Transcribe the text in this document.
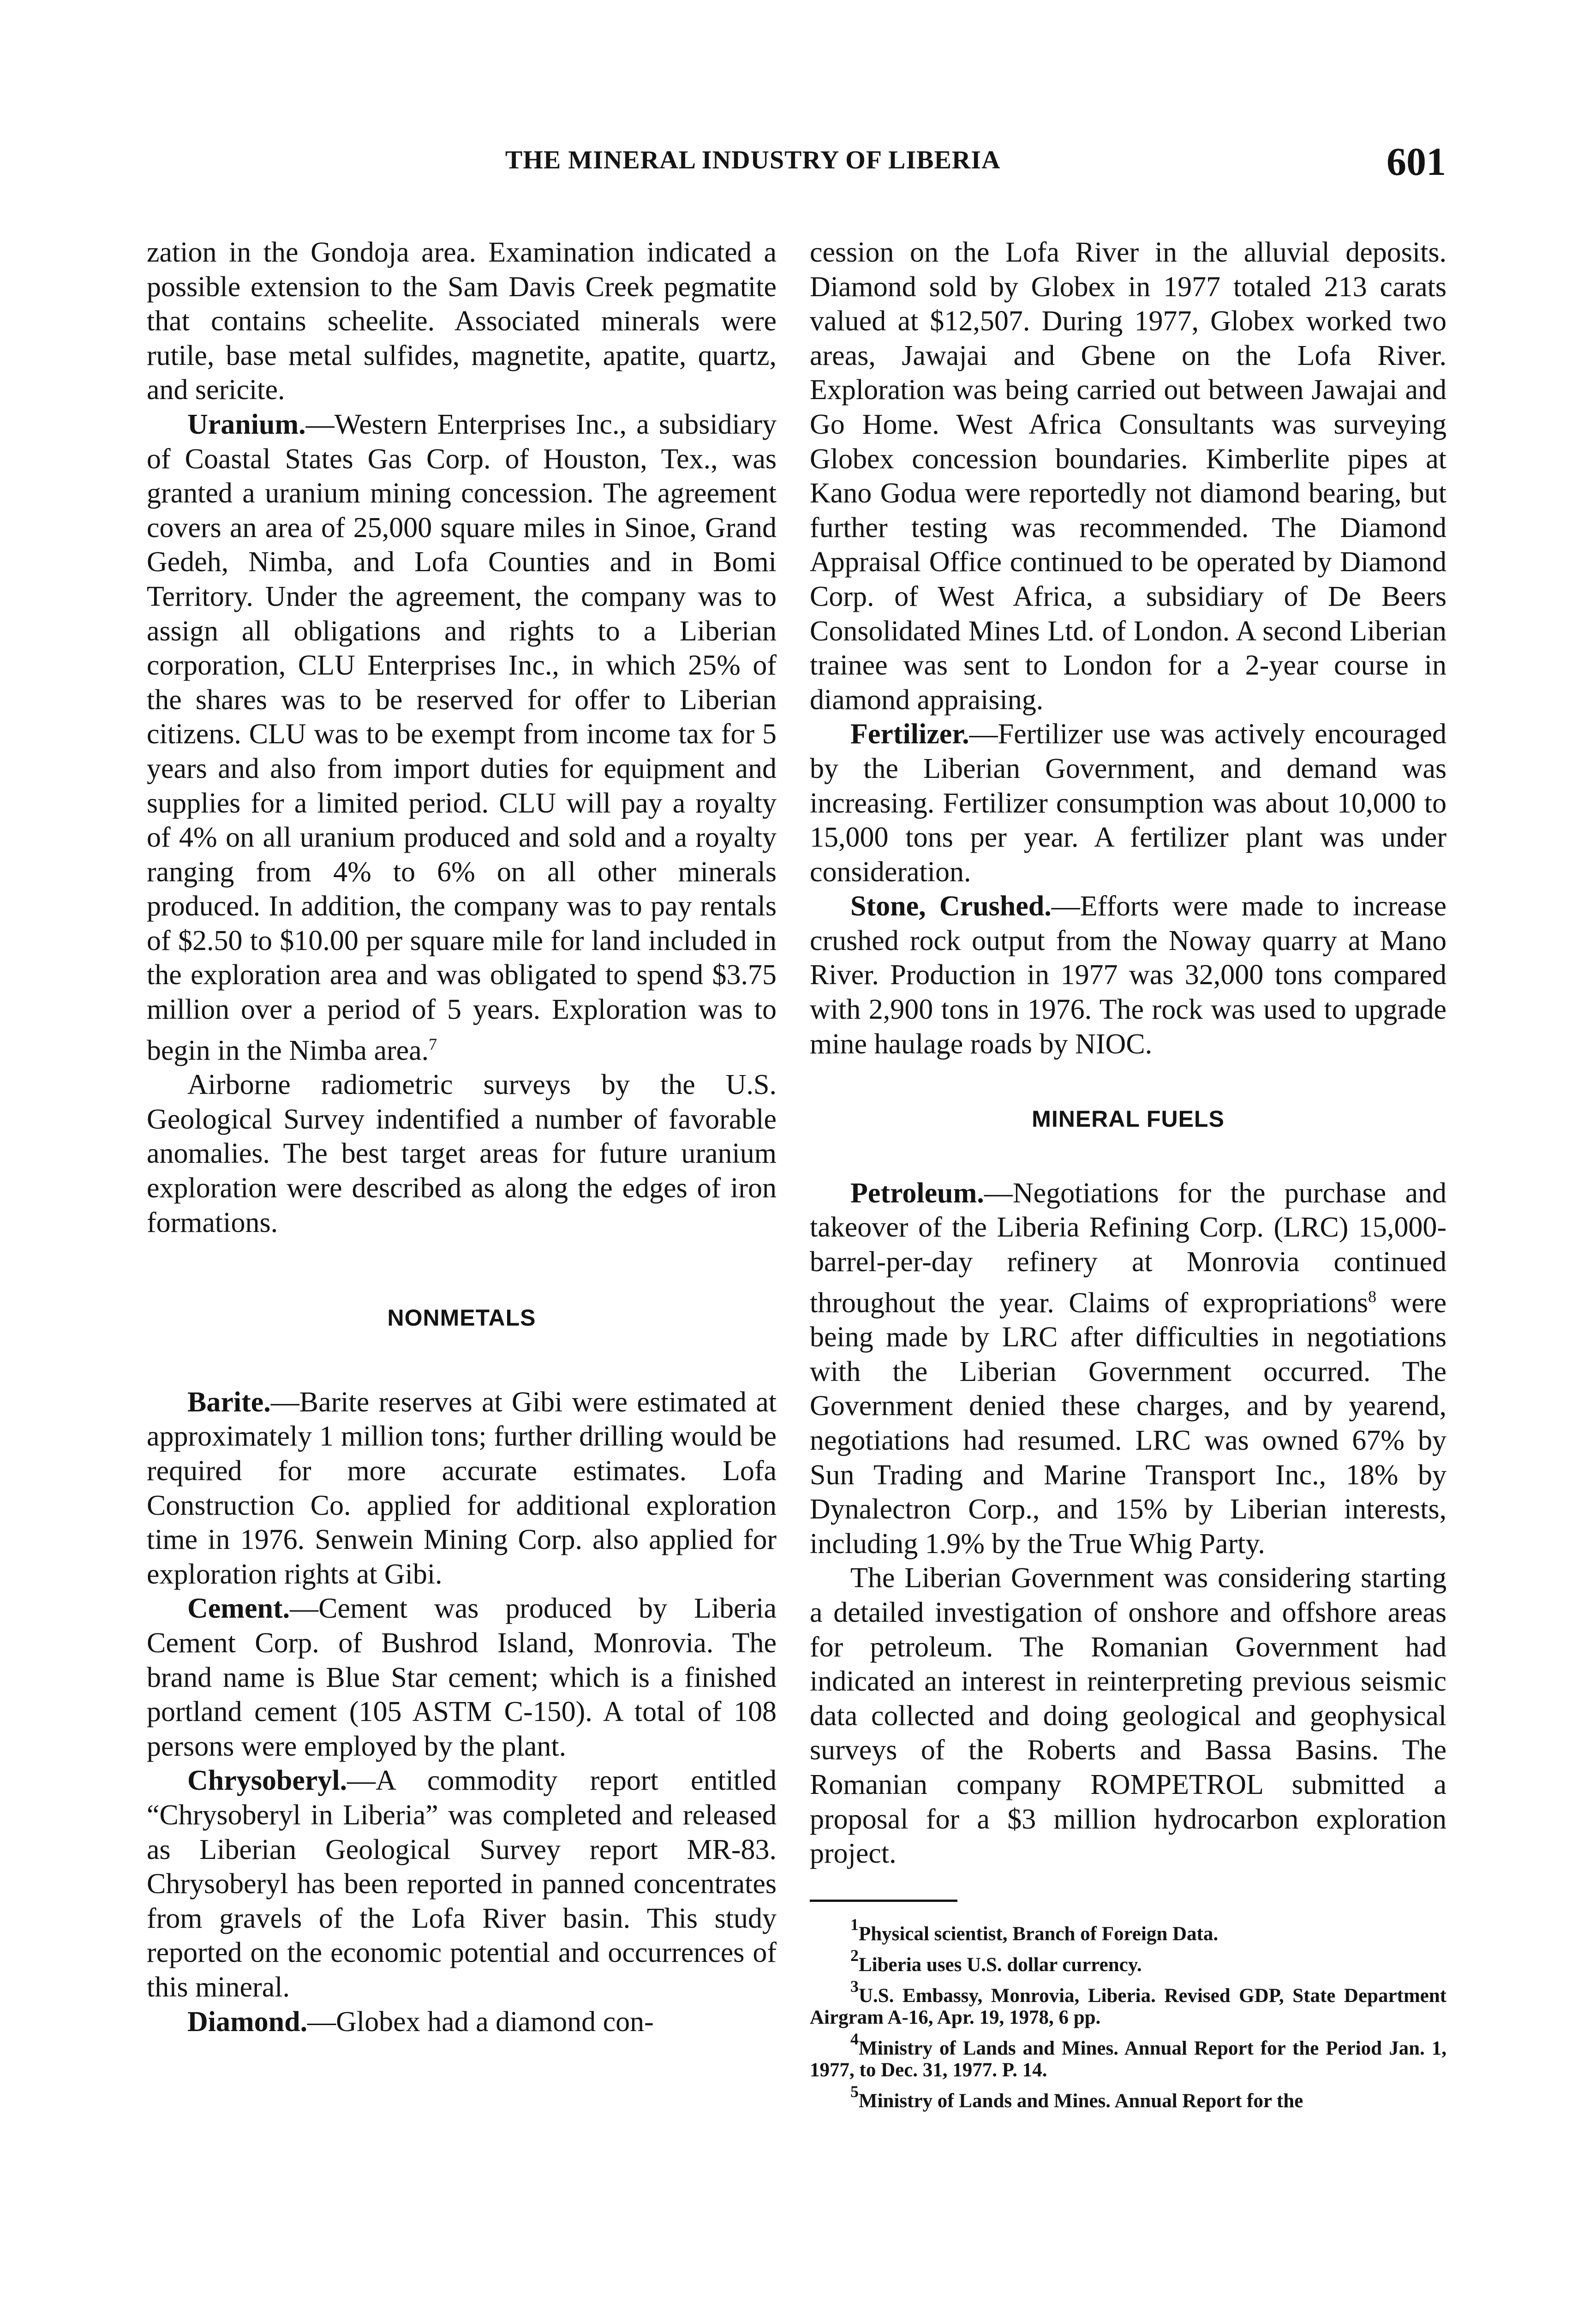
THE MINERAL INDUSTRY OF LIBERIA	601

zation in the Gondoja area. Examination indicated a possible extension to the Sam Davis Creek pegmatite that contains scheelite. Associated minerals were rutile, base metal sulfides, magnetite, apatite, quartz, and sericite.

Uranium.—Western Enterprises Inc., a subsidiary of Coastal States Gas Corp. of Houston, Tex., was granted a uranium mining concession. The agreement covers an area of 25,000 square miles in Sinoe, Grand Gedeh, Nimba, and Lofa Counties and in Bomi Territory. Under the agreement, the company was to assign all obligations and rights to a Liberian corporation, CLU Enterprises Inc., in which 25% of the shares was to be reserved for offer to Liberian citizens. CLU was to be exempt from income tax for 5 years and also from import duties for equipment and supplies for a limited period. CLU will pay a royalty of 4% on all uranium produced and sold and a royalty ranging from 4% to 6% on all other minerals produced. In addition, the company was to pay rentals of $2.50 to $10.00 per square mile for land included in the exploration area and was obligated to spend $3.75 million over a period of 5 years. Exploration was to begin in the Nimba area.$^7$

Airborne radiometric surveys by the U.S. Geological Survey indentified a number of favorable anomalies. The best target areas for future uranium exploration were described as along the edges of iron formations.

NONMETALS

Barite.—Barite reserves at Gibi were estimated at approximately 1 million tons; further drilling would be required for more accurate estimates. Lofa Construction Co. applied for additional exploration time in 1976. Senwein Mining Corp. also applied for exploration rights at Gibi.

Cement.—Cement was produced by Liberia Cement Corp. of Bushrod Island, Monrovia. The brand name is Blue Star cement; which is a finished portland cement (105 ASTM C-150). A total of 108 persons were employed by the plant.

Chrysoberyl.—A commodity report entitled “Chrysoberyl in Liberia” was completed and released as Liberian Geological Survey report MR-83. Chrysoberyl has been reported in panned concentrates from gravels of the Lofa River basin. This study reported on the economic potential and occurrences of this mineral.

Diamond.—Globex had a diamond con-

cession on the Lofa River in the alluvial deposits. Diamond sold by Globex in 1977 totaled 213 carats valued at $12,507. During 1977, Globex worked two areas, Jawajai and Gbene on the Lofa River. Exploration was being carried out between Jawajai and Go Home. West Africa Consultants was surveying Globex concession boundaries. Kimberlite pipes at Kano Godua were reportedly not diamond bearing, but further testing was recommended. The Diamond Appraisal Office continued to be operated by Diamond Corp. of West Africa, a subsidiary of De Beers Consolidated Mines Ltd. of London. A second Liberian trainee was sent to London for a 2-year course in diamond appraising.

Fertilizer.—Fertilizer use was actively encouraged by the Liberian Government, and demand was increasing. Fertilizer consumption was about 10,000 to 15,000 tons per year. A fertilizer plant was under consideration.

Stone, Crushed.—Efforts were made to increase crushed rock output from the Noway quarry at Mano River. Production in 1977 was 32,000 tons compared with 2,900 tons in 1976. The rock was used to upgrade mine haulage roads by NIOC.

MINERAL FUELS

Petroleum.—Negotiations for the purchase and takeover of the Liberia Refining Corp. (LRC) 15,000-barrel-per-day refinery at Monrovia continued throughout the year. Claims of expropriations$^8$ were being made by LRC after difficulties in negotiations with the Liberian Government occurred. The Government denied these charges, and by yearend, negotiations had resumed. LRC was owned 67% by Sun Trading and Marine Transport Inc., 18% by Dynalectron Corp., and 15% by Liberian interests, including 1.9% by the True Whig Party.

The Liberian Government was considering starting a detailed investigation of onshore and offshore areas for petroleum. The Romanian Government had indicated an interest in reinterpreting previous seismic data collected and doing geological and geophysical surveys of the Roberts and Bassa Basins. The Romanian company ROMPETROL submitted a proposal for a $3 million hydrocarbon exploration project.

$^1$Physical scientist, Branch of Foreign Data.

$^2$Liberia uses U.S. dollar currency.

$^3$U.S. Embassy, Monrovia, Liberia. Revised GDP, State Department Airgram A-16, Apr. 19, 1978, 6 pp.

$^4$Ministry of Lands and Mines. Annual Report for the Period Jan. 1, 1977, to Dec. 31, 1977. P. 14.

$^5$Ministry of Lands and Mines. Annual Report for the
